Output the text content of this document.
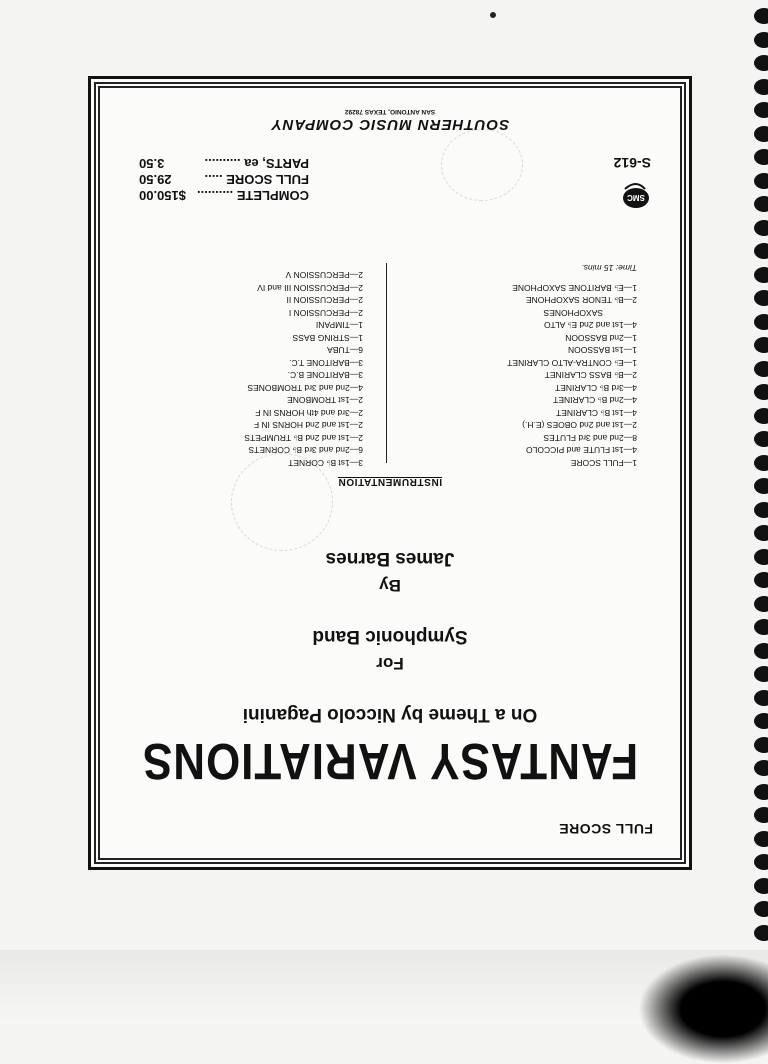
FULL SCORE
FANTASY VARIATIONS
On a Theme by Niccolo Paganini
For
Symphonic Band
By
James Barnes
INSTRUMENTATION
1—FULL SCORE
4—1st FLUTE and PICCOLO
8—2nd and 3rd FLUTES
2—1st and 2nd OBOES (E.H.)
4—1st B♭ CLARINET
4—2nd B♭ CLARINET
4—3rd B♭ CLARINET
2—B♭ BASS CLARINET
1—E♭ CONTRA-ALTO CLARINET
1—1st BASSOON
1—2nd BASSOON
4—1st and 2nd E♭ ALTO
SAXOPHONES
2—B♭ TENOR SAXOPHONE
1—E♭ BARITONE SAXOPHONE
3—1st B♭ CORNET
6—2nd and 3rd B♭ CORNETS
2—1st and 2nd B♭ TRUMPETS
2—1st and 2nd HORNS IN F
2—3rd and 4th HORNS IN F
2—1st TROMBONE
4—2nd and 3rd TROMBONES
3—BARITONE B.C.
3—BARITONE T.C.
6—TUBA
1—STRING BASS
1—TIMPANI
2—PERCUSSION I
2—PERCUSSION II
2—PERCUSSION III and IV
2—PERCUSSION V
Time: 15 mins.
COMPLETE ..........
$150.00
FULL SCORE .....
29.50
PARTS, ea ..........
3.50
SMC
S-612
SOUTHERN MUSIC COMPANY
SAN ANTONIO, TEXAS 78292
